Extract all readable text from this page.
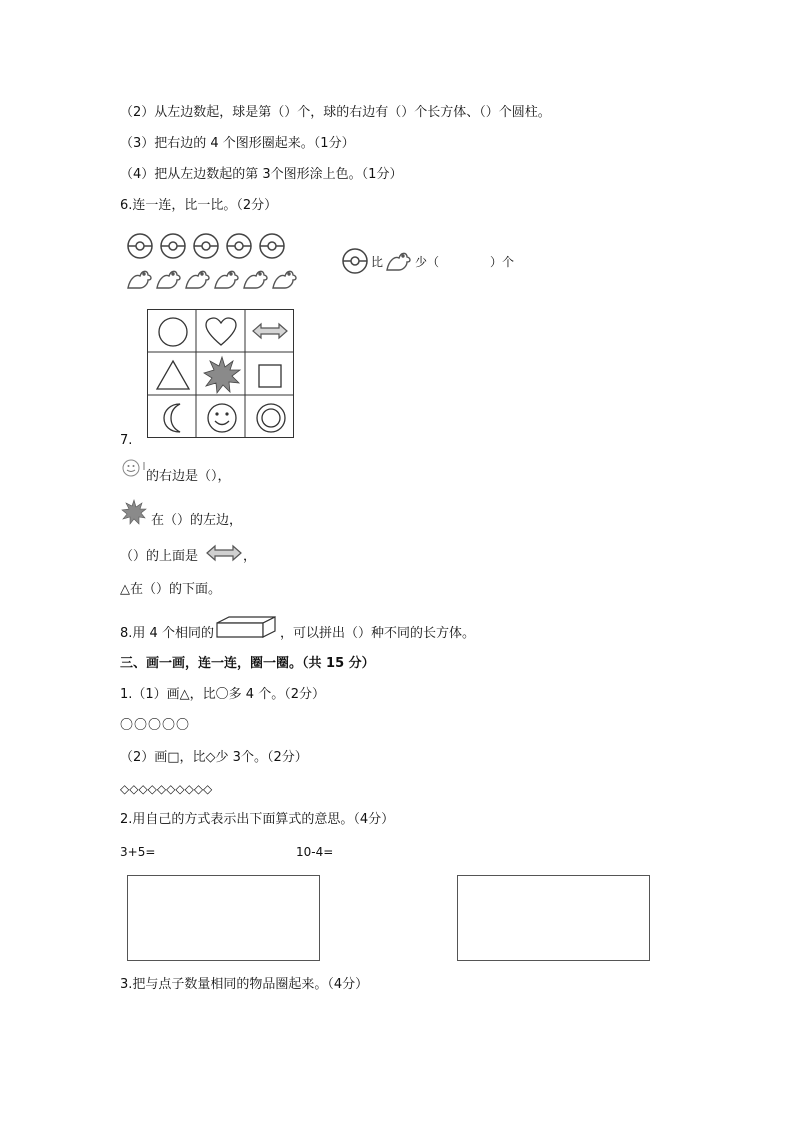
（2）从左边数起，球是第（）个，球的右边有（）个长方体、（）个圆柱。
（3）把右边的 4 个图形圈起来。（1分）
（4）把从左边数起的第 3个图形涂上色。（1分）
6.连一连，比一比。（2分）
比	少（	）个
7.
的右边是（），
在（）的左边，
（）的上面是	，
△在（）的下面。
8.用 4 个相同的	，可以拼出（）种不同的长方体。
三、画一画，连一连，圈一圈。（共 15 分）
1.（1）画△，比〇多 4 个。（2分）
〇〇〇〇〇
（2）画□，比◇少 3个。（2分）
◇◇◇◇◇◇◇◇◇◇
2.用自己的方式表示出下面算式的意思。（4分）
3+5=	10-4=
3.把与点子数量相同的物品圈起来。（4分）
